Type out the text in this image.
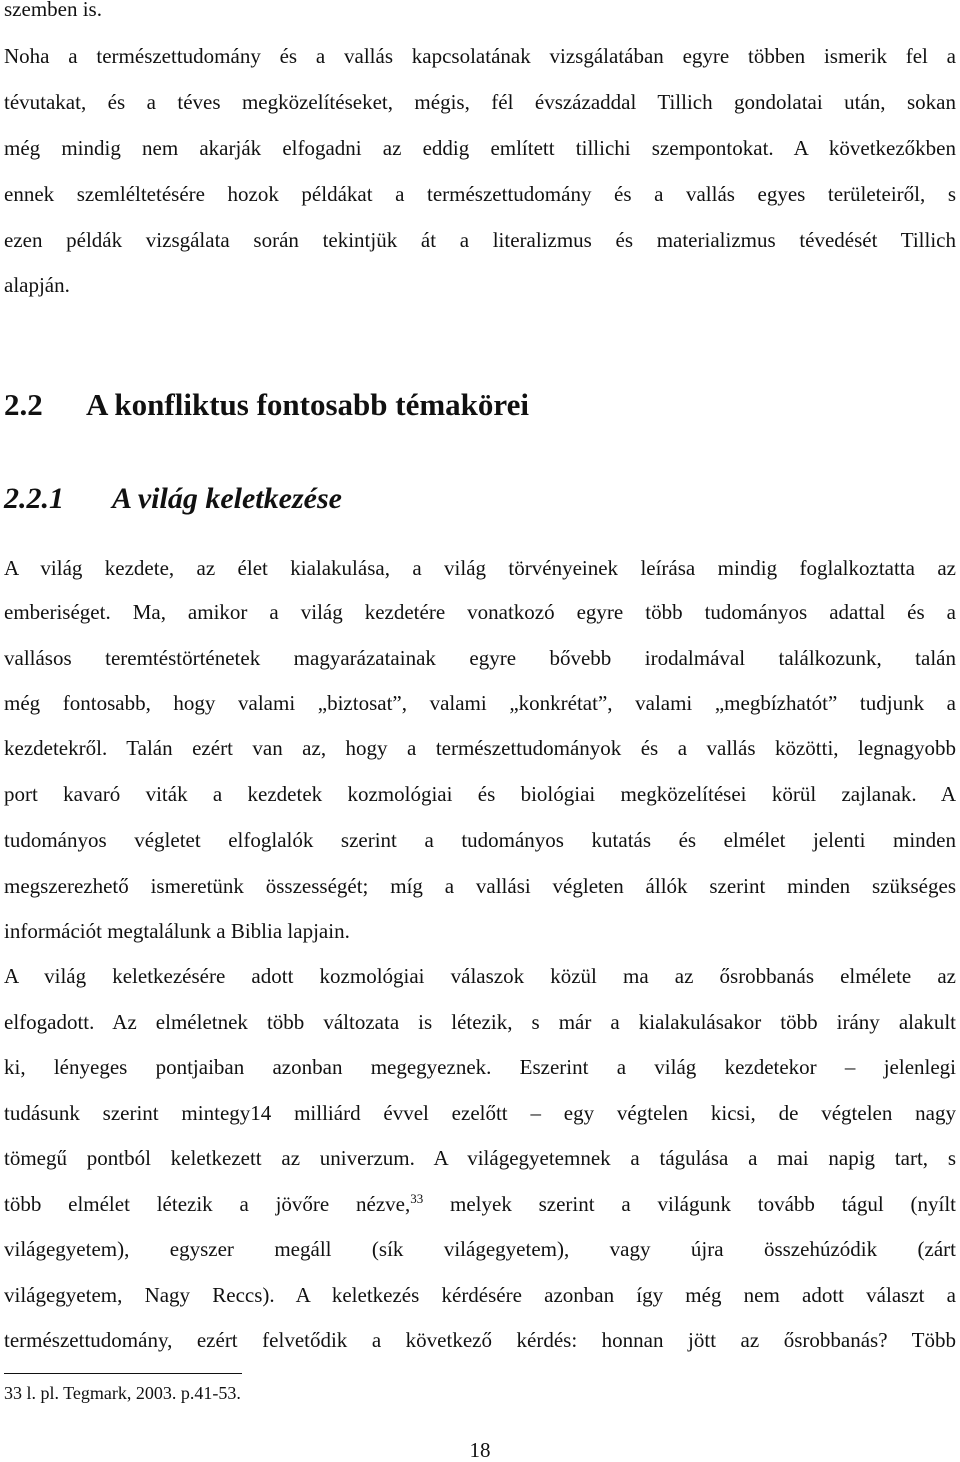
szemben is.
Noha a természettudomány és a vallás kapcsolatának vizsgálatában egyre többen ismerik fel a
tévutakat, és a téves megközelítéseket, mégis, fél évszázaddal Tillich gondolatai után, sokan
még mindig nem akarják elfogadni az eddig említett tillichi szempontokat. A következőkben
ennek szemléltetésére hozok példákat a természettudomány és a vallás egyes területeiről, s
ezen példák vizsgálata során tekintjük át a literalizmus és materializmus tévedését Tillich
alapján.
2.2 A konfliktus fontosabb témakörei
2.2.1 A világ keletkezése
A világ kezdete, az élet kialakulása, a világ törvényeinek leírása mindig foglalkoztatta az
emberiséget. Ma, amikor a világ kezdetére vonatkozó egyre több tudományos adattal és a
vallásos teremtéstörténetek magyarázatainak egyre bővebb irodalmával találkozunk, talán
még fontosabb, hogy valami „biztosat”, valami „konkrétat”, valami „megbízhatót” tudjunk a
kezdetekről. Talán ezért van az, hogy a természettudományok és a vallás közötti, legnagyobb
port kavaró viták a kezdetek kozmológiai és biológiai megközelítései körül zajlanak. A
tudományos végletet elfoglalók szerint a tudományos kutatás és elmélet jelenti minden
megszerezhető ismeretünk összességét; míg a vallási végleten állók szerint minden szükséges
információt megtalálunk a Biblia lapjain.
A világ keletkezésére adott kozmológiai válaszok közül ma az ősrobbanás elmélete az
elfogadott. Az elméletnek több változata is létezik, s már a kialakulásakor több irány alakult
ki, lényeges pontjaiban azonban megegyeznek. Eszerint a világ kezdetekor – jelenlegi
tudásunk szerint mintegy14 milliárd évvel ezelőtt – egy végtelen kicsi, de végtelen nagy
tömegű pontból keletkezett az univerzum. A világegyetemnek a tágulása a mai napig tart, s
több elmélet létezik a jövőre nézve,$^{33}$ melyek szerint a világunk tovább tágul (nyílt
világegyetem), egyszer megáll (sík világegyetem), vagy újra összehúzódik (zárt
világegyetem, Nagy Reccs). A keletkezés kérdésére azonban így még nem adott választ a
természettudomány, ezért felvetődik a következő kérdés: honnan jött az ősrobbanás? Több
33 l. pl. Tegmark, 2003. p.41-53.
18
